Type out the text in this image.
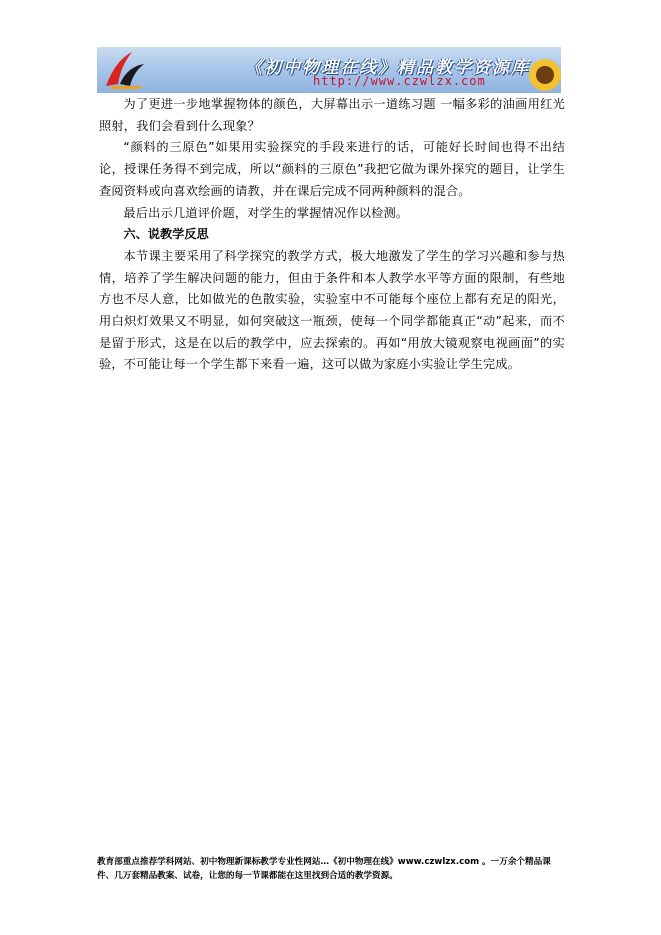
《初中物理在线》精品教学资源库
http://www.czwlzx.com

为了更进一步地掌握物体的颜色，大屏幕出示一道练习题 一幅多彩的油画用红光照射，我们会看到什么现象？

“颜料的三原色”如果用实验探究的手段来进行的话，可能好长时间也得不出结论，授课任务得不到完成，所以“颜料的三原色”我把它做为课外探究的题目，让学生查阅资料或向喜欢绘画的请教，并在课后完成不同两种颜料的混合。

最后出示几道评价题，对学生的掌握情况作以检测。

六、说教学反思

本节课主要采用了科学探究的教学方式，极大地激发了学生的学习兴趣和参与热情，培养了学生解决问题的能力，但由于条件和本人教学水平等方面的限制，有些地方也不尽人意，比如做光的色散实验，实验室中不可能每个座位上都有充足的阳光，用白炽灯效果又不明显，如何突破这一瓶颈，使每一个同学都能真正“动”起来，而不是留于形式，这是在以后的教学中，应去探索的。再如“用放大镜观察电视画面”的实验，不可能让每一个学生都下来看一遍，这可以做为家庭小实验让学生完成。

教育部重点推荐学科网站、初中物理新课标教学专业性网站…《初中物理在线》www.czwlzx.com 。一万余个精品课件、几万套精品教案、试卷，让您的每一节课都能在这里找到合适的教学资源。
